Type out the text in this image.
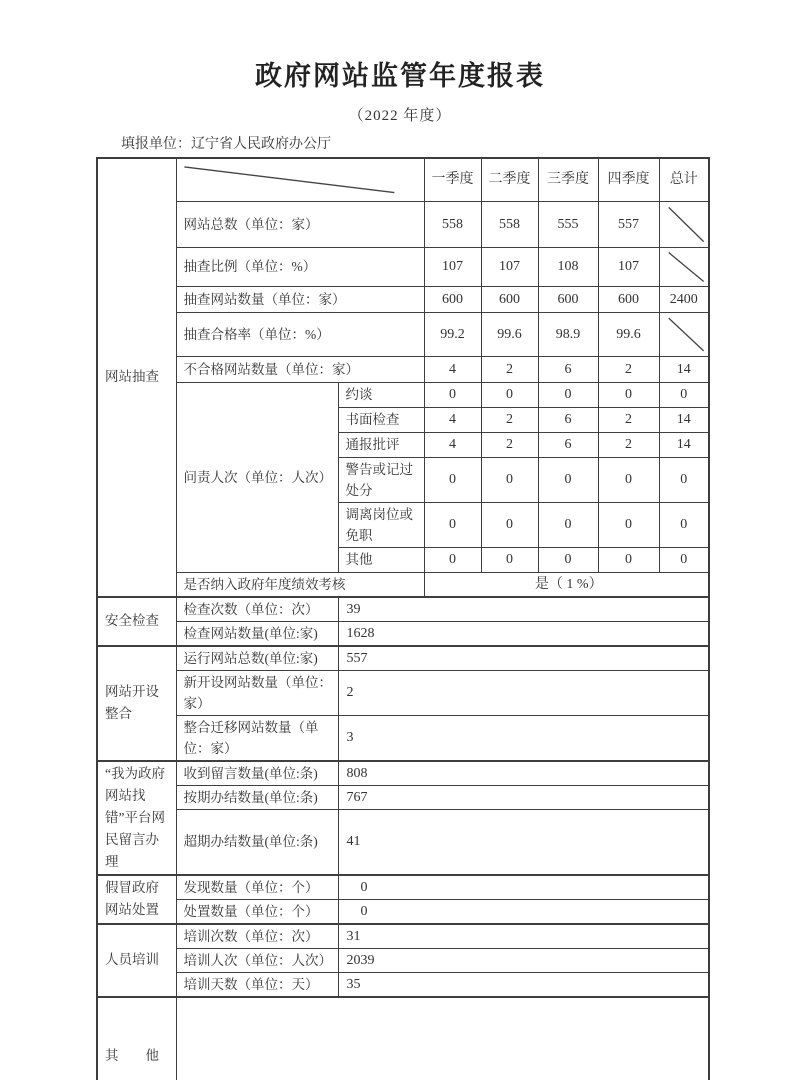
政府网站监管年度报表
（2022 年度）
填报单位：辽宁省人民政府办公厅
网站抽查			一季度	二季度	三季度	四季度	总计
	网站总数（单位：家）		558	558	555	557	

	抽查比例（单位：%）		107	107	108	107	

	抽查网站数量（单位：家）		600	600	600	600	2400
	抽查合格率（单位：%）		99.2	99.6	98.9	99.6	

	不合格网站数量（单位：家）		4	2	6	2	14
	问责人次（单位：人次）	约谈	0	0	0	0	0
		书面检查	4	2	6	2	14
		通报批评	4	2	6	2	14
		警告或记过处分	0	0	0	0	0
		调离岗位或免职	0	0	0	0	0
		其他	0	0	0	0	0
	是否纳入政府年度绩效考核		是（ 1 %）				
安全检查	检查次数（单位：次）	39					
	检查网站数量(单位:家)	1628					
网站开设整合	运行网站总数(单位:家)	557					
	新开设网站数量（单位：家）	2					
	整合迁移网站数量（单位：家）	3					
“我为政府网站找错”平台网民留言办理	收到留言数量(单位:条)	808					
	按期办结数量(单位:条)	767					
	超期办结数量(单位:条)	41					
假冒政府网站处置	发现数量（单位：个）	0					
	处置数量（单位：个）	0					
人员培训	培训次数（单位：次）	31					
	培训人次（单位：人次）	2039					
	培训天数（单位：天）	35					
其　　他							
